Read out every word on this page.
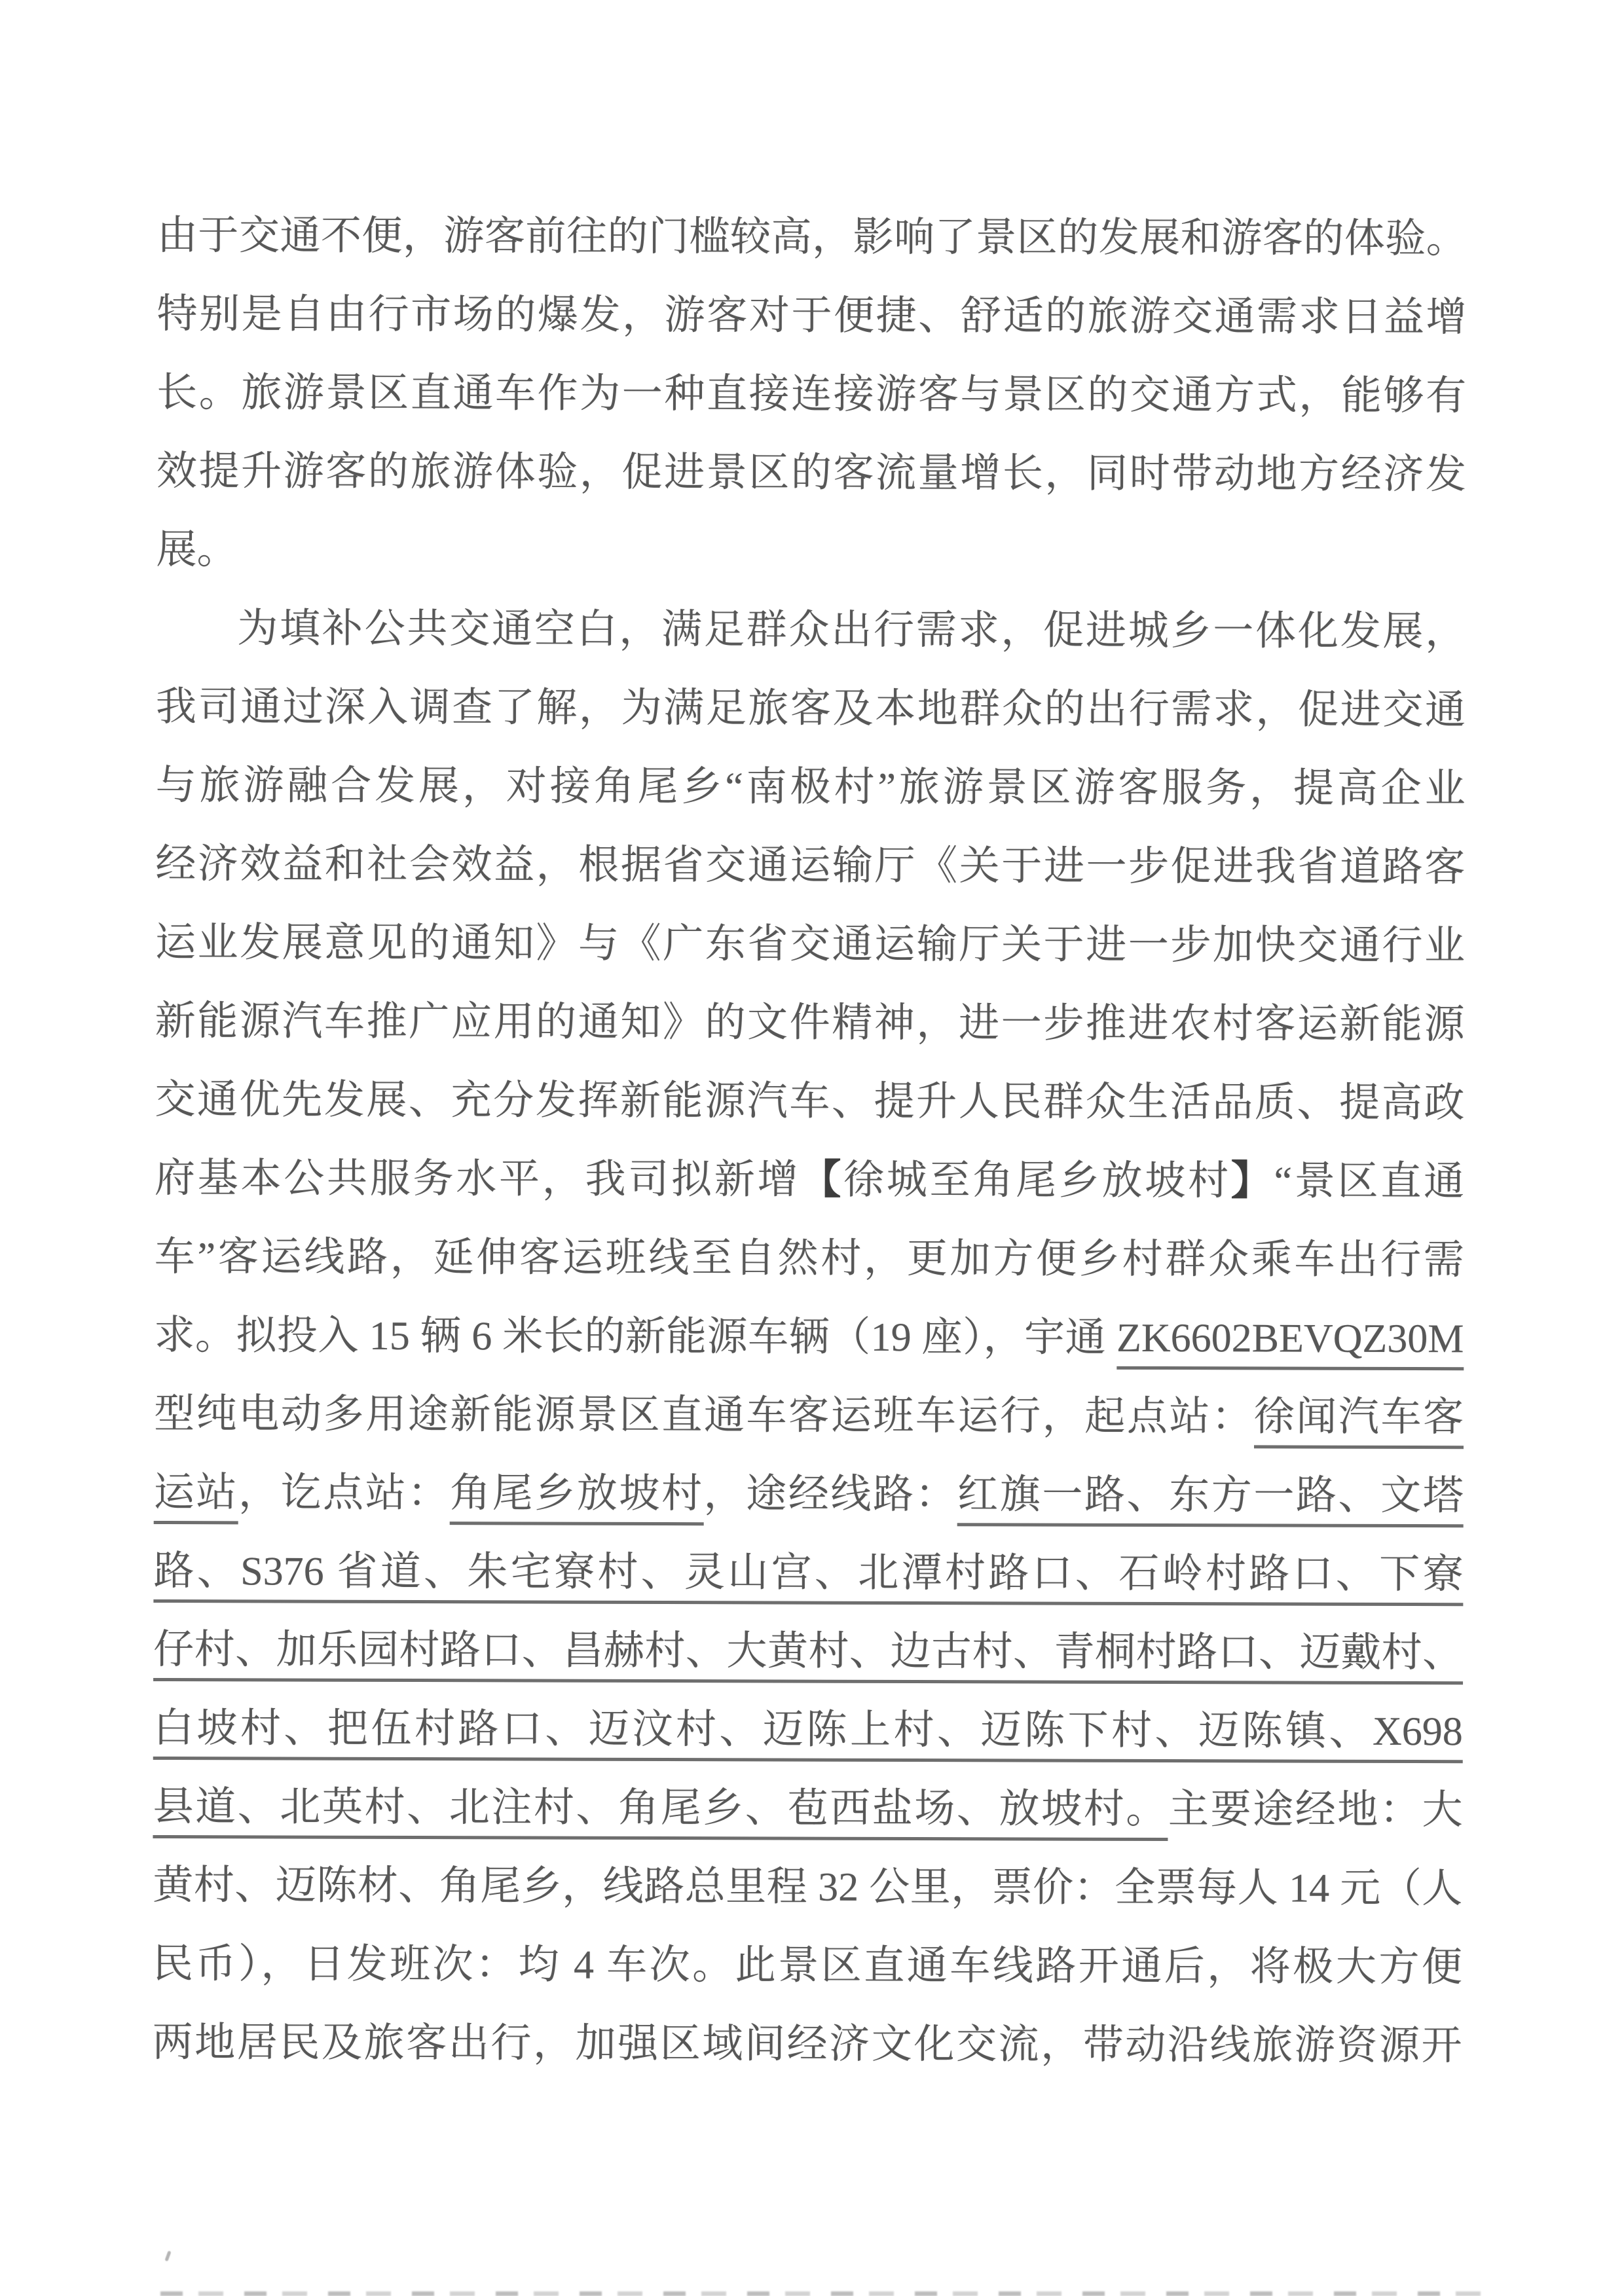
由于交通不便，游客前往的门槛较高，影响了景区的发展和游客的体验。
特别是自由行市场的爆发，游客对于便捷、舒适的旅游交通需求日益增
长。旅游景区直通车作为一种直接连接游客与景区的交通方式，能够有
效提升游客的旅游体验，促进景区的客流量增长，同时带动地方经济发
展。
为填补公共交通空白，满足群众出行需求，促进城乡一体化发展，
我司通过深入调查了解，为满足旅客及本地群众的出行需求，促进交通
与旅游融合发展，对接角尾乡“南极村”旅游景区游客服务，提高企业
经济效益和社会效益，根据省交通运输厅《关于进一步促进我省道路客
运业发展意见的通知》与《广东省交通运输厅关于进一步加快交通行业
新能源汽车推广应用的通知》的文件精神，进一步推进农村客运新能源
交通优先发展、充分发挥新能源汽车、提升人民群众生活品质、提高政
府基本公共服务水平，我司拟新增【徐城至角尾乡放坡村】“景区直通
车”客运线路，延伸客运班线至自然村，更加方便乡村群众乘车出行需
求。拟投入 15 辆 6 米长的新能源车辆（19 座），宇通 ZK6602BEVQZ30M
型纯电动多用途新能源景区直通车客运班车运行，起点站：徐闻汽车客
运站，讫点站：角尾乡放坡村，途经线路：红旗一路、东方一路、文塔
路、S376 省道、朱宅寮村、灵山宫、北潭村路口、石岭村路口、下寮
仔村、加乐园村路口、昌赫村、大黄村、边古村、青桐村路口、迈戴村、
白坡村、把伍村路口、迈汶村、迈陈上村、迈陈下村、迈陈镇、X698
县道、北英村、北注村、角尾乡、苞西盐场、放坡村。主要途经地：大
黄村、迈陈材、角尾乡，线路总里程 32 公里，票价：全票每人 14 元（人
民币），日发班次：均 4 车次。此景区直通车线路开通后，将极大方便
两地居民及旅客出行，加强区域间经济文化交流，带动沿线旅游资源开
